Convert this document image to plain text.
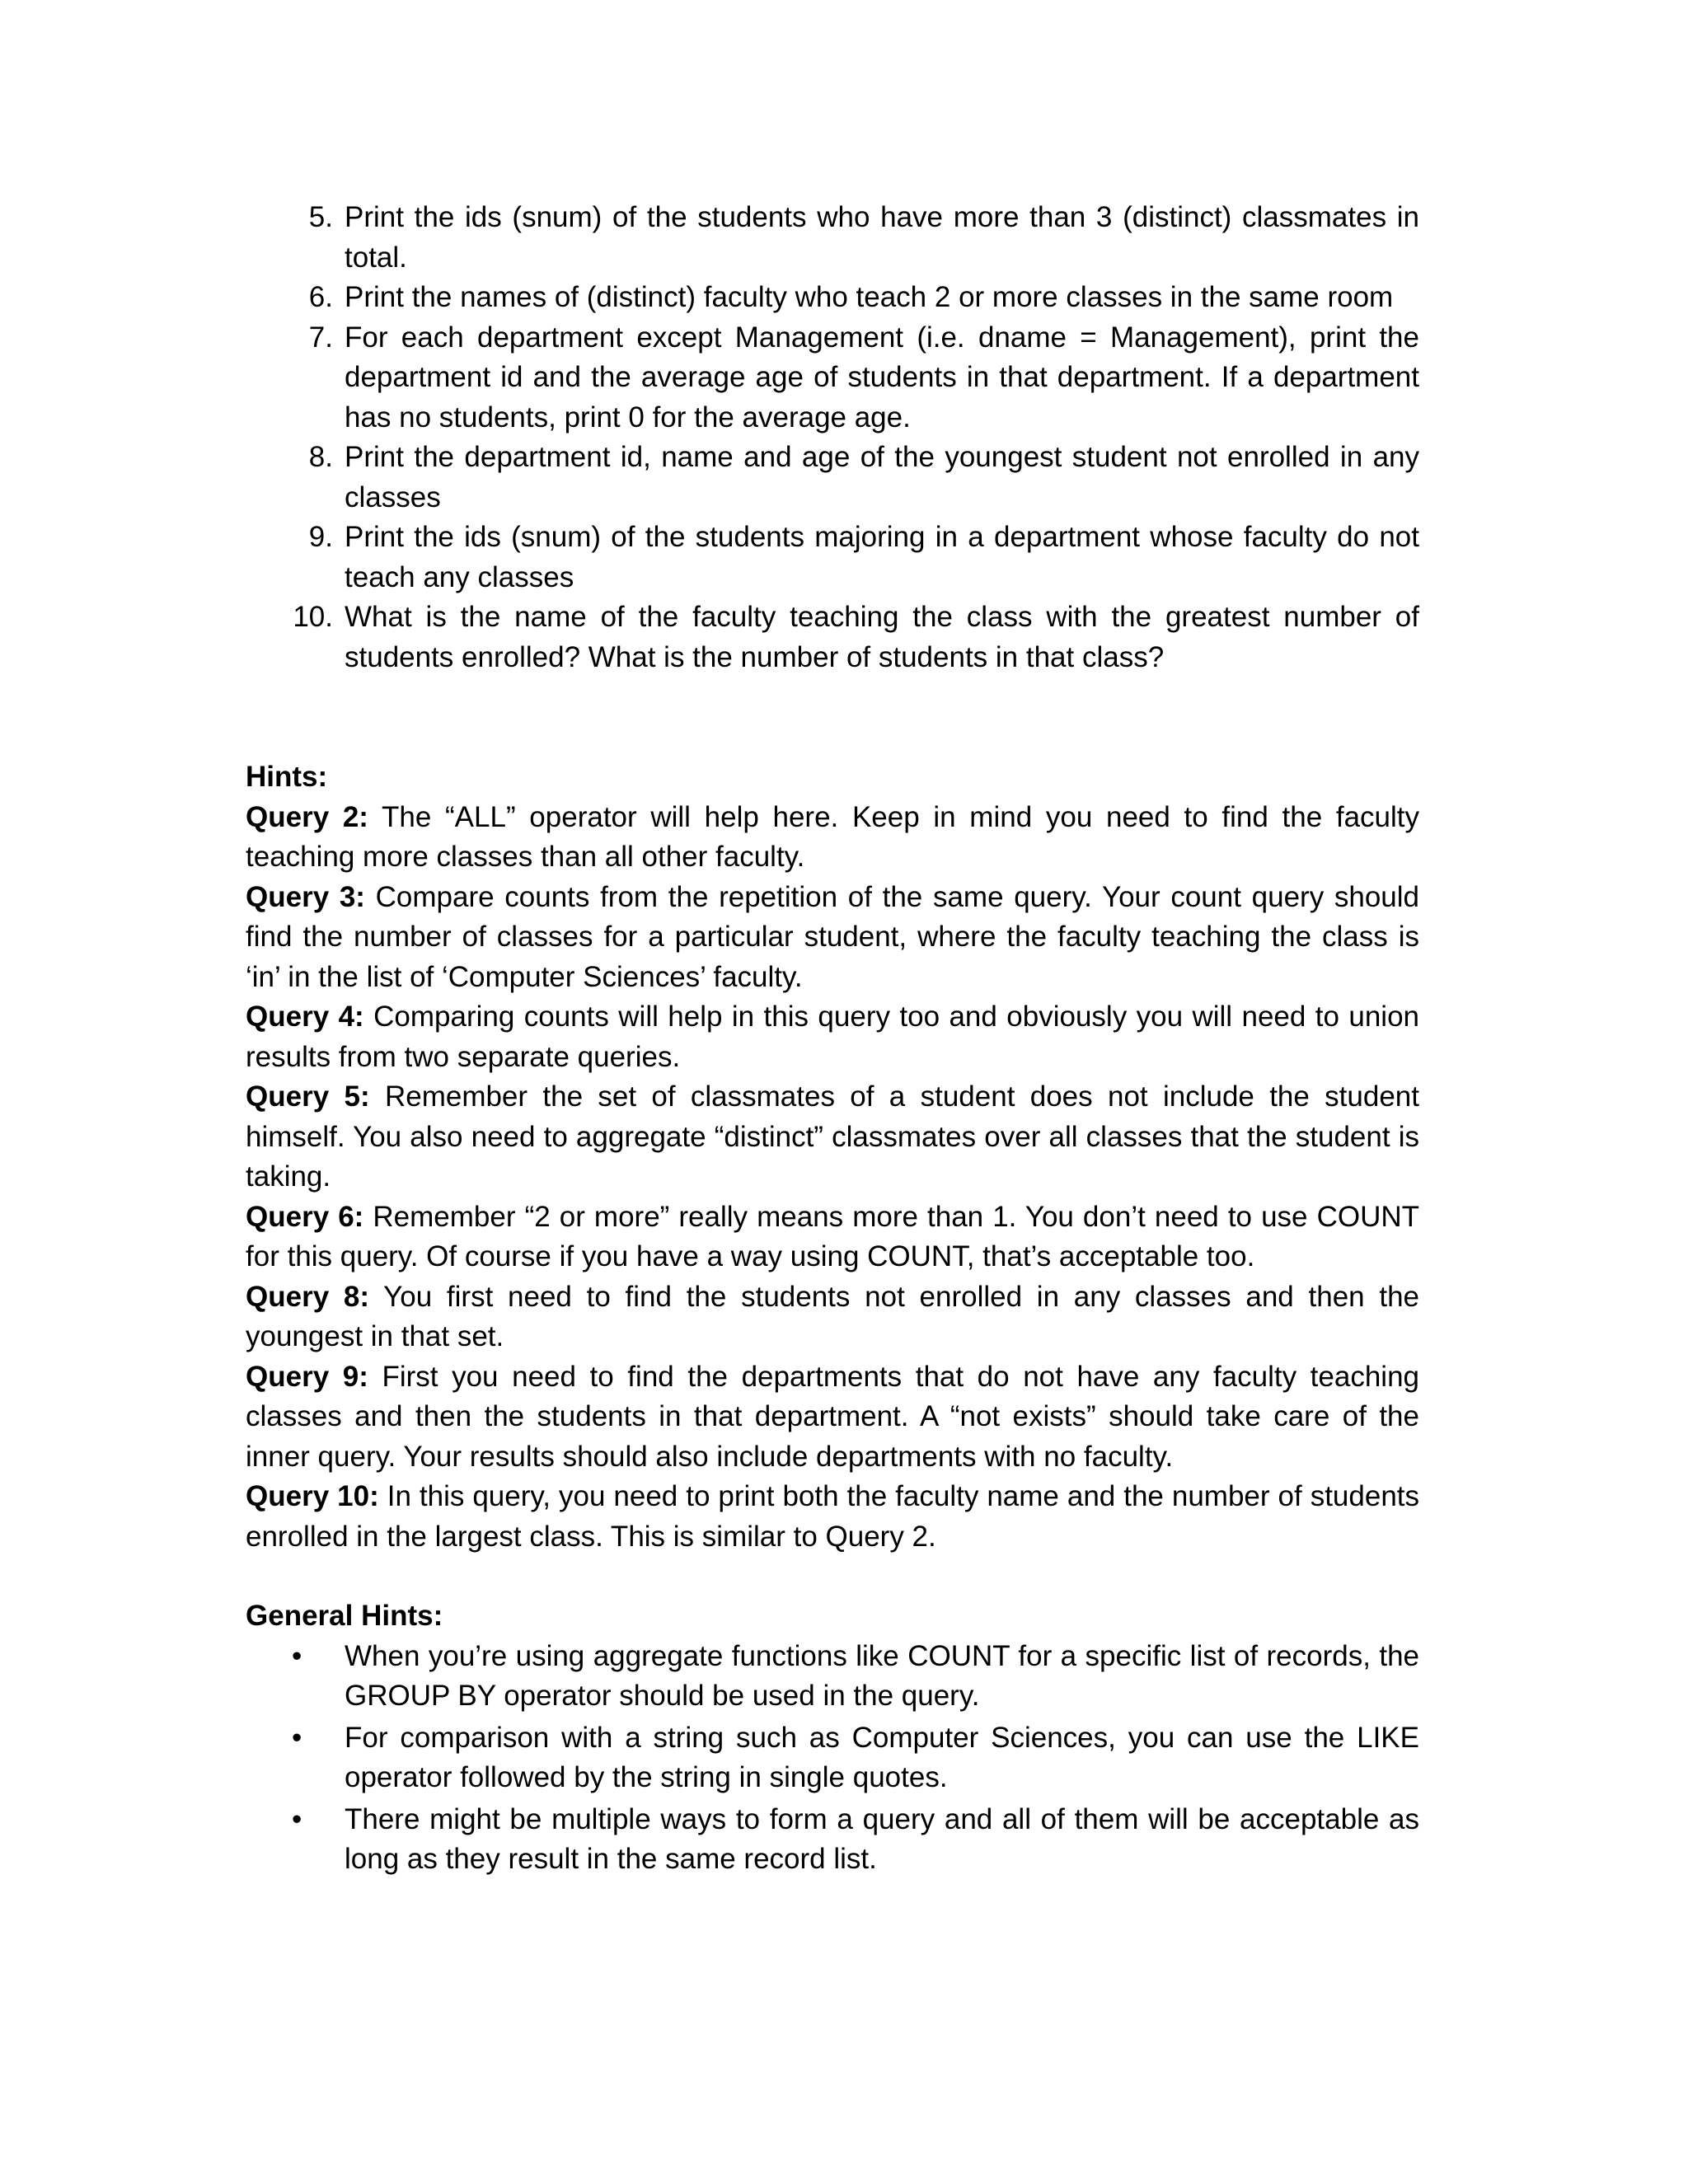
5. Print the ids (snum) of the students who have more than 3 (distinct) classmates in total.
6. Print the names of (distinct) faculty who teach 2 or more classes in the same room
7. For each department except Management (i.e. dname = Management), print the department id and the average age of students in that department. If a department has no students, print 0 for the average age.
8. Print the department id, name and age of the youngest student not enrolled in any classes
9. Print the ids (snum) of the students majoring in a department whose faculty do not teach any classes
10. What is the name of the faculty teaching the class with the greatest number of students enrolled? What is the number of students in that class?
Hints:

Query 2: The “ALL” operator will help here. Keep in mind you need to find the faculty teaching more classes than all other faculty.

Query 3: Compare counts from the repetition of the same query. Your count query should find the number of classes for a particular student, where the faculty teaching the class is ‘in’ in the list of ‘Computer Sciences’ faculty.

Query 4: Comparing counts will help in this query too and obviously you will need to union results from two separate queries.

Query 5: Remember the set of classmates of a student does not include the student himself. You also need to aggregate “distinct” classmates over all classes that the student is taking.

Query 6: Remember “2 or more” really means more than 1. You don’t need to use COUNT for this query. Of course if you have a way using COUNT, that’s acceptable too.

Query 8: You first need to find the students not enrolled in any classes and then the youngest in that set.

Query 9: First you need to find the departments that do not have any faculty teaching classes and then the students in that department. A “not exists” should take care of the inner query. Your results should also include departments with no faculty.

Query 10: In this query, you need to print both the faculty name and the number of students enrolled in the largest class. This is similar to Query 2.

General Hints:
• When you’re using aggregate functions like COUNT for a specific list of records, the GROUP BY operator should be used in the query.
• For comparison with a string such as Computer Sciences, you can use the LIKE operator followed by the string in single quotes.
• There might be multiple ways to form a query and all of them will be acceptable as long as they result in the same record list.
